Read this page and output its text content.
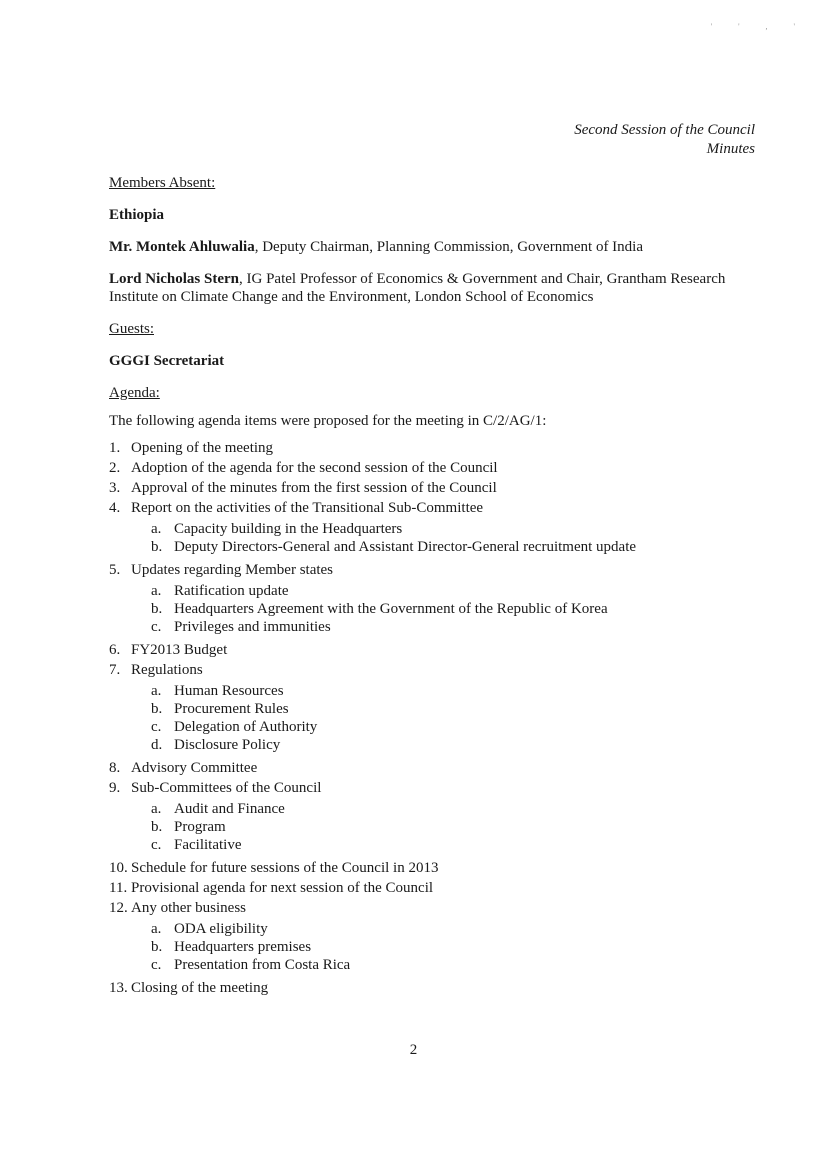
' ' , '
Second Session of the Council
Minutes

Members Absent:

Ethiopia

Mr. Montek Ahluwalia, Deputy Chairman, Planning Commission, Government of India

Lord Nicholas Stern, IG Patel Professor of Economics & Government and Chair, Grantham Research Institute on Climate Change and the Environment, London School of Economics

Guests:

GGGI Secretariat

Agenda:

The following agenda items were proposed for the meeting in C/2/AG/1:

1. Opening of the meeting
2. Adoption of the agenda for the second session of the Council
3. Approval of the minutes from the first session of the Council
4. Report on the activities of the Transitional Sub-Committee
a. Capacity building in the Headquarters
b. Deputy Directors-General and Assistant Director-General recruitment update
5. Updates regarding Member states
a. Ratification update
b. Headquarters Agreement with the Government of the Republic of Korea
c. Privileges and immunities
6. FY2013 Budget
7. Regulations
a. Human Resources
b. Procurement Rules
c. Delegation of Authority
d. Disclosure Policy
8. Advisory Committee
9. Sub-Committees of the Council
a. Audit and Finance
b. Program
c. Facilitative
10. Schedule for future sessions of the Council in 2013
11. Provisional agenda for next session of the Council
12. Any other business
a. ODA eligibility
b. Headquarters premises
c. Presentation from Costa Rica
13. Closing of the meeting
2
